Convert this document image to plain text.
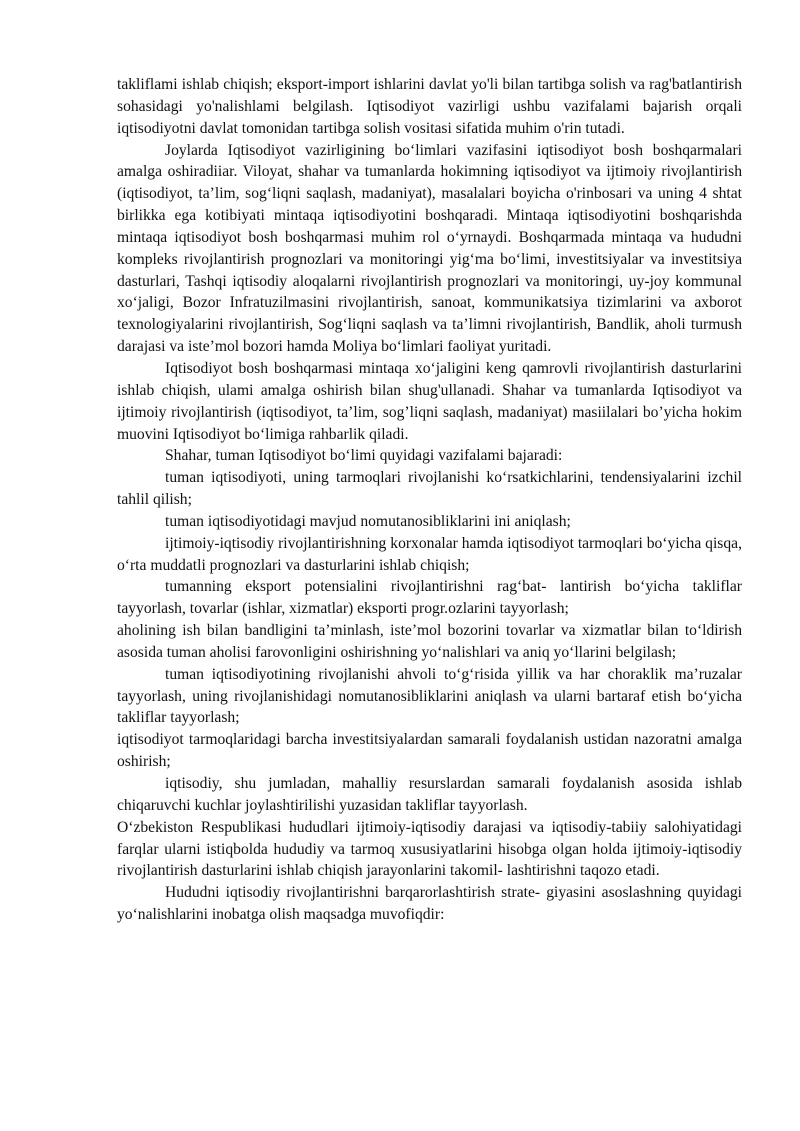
takliflami ishlab chiqish; eksport-import ishlarini davlat yo'li bilan tartibga solish va rag'batlantirish sohasidagi yo'nalishlami belgilash. Iqtisodiyot vazirligi ushbu vazifalami bajarish orqali iqtisodiyotni davlat tomonidan tartibga solish vositasi sifatida muhim o'rin tutadi.

Joylarda Iqtisodiyot vazirligining bo‘limlari vazifasini iqtisodiyot bosh boshqarmalari amalga oshiradiiar. Viloyat, shahar va tumanlarda hokimning iqtisodiyot va ijtimoiy rivojlantirish (iqtisodiyot, ta’lim, sog‘liqni saqlash, madaniyat), masalalari boyicha o'rinbosari va uning 4 shtat birlikka ega kotibiyati mintaqa iqtisodiyotini boshqaradi. Mintaqa iqtisodiyotini boshqarishda mintaqa iqtisodiyot bosh boshqarmasi muhim rol o‘yrnaydi. Boshqarmada mintaqa va hududni kompleks rivojlantirish prognozlari va monitoringi yig‘ma bo‘limi, investitsiyalar va investitsiya dasturlari, Tashqi iqtisodiy aloqalarni rivojlantirish prognozlari va monitoringi, uy-joy kommunal xo‘jaligi, Bozor Infratuzilmasini rivojlantirish, sanoat, kommunikatsiya tizimlarini va axborot texnologiyalarini rivojlantirish, Sog‘liqni saqlash va ta’limni rivojlantirish, Bandlik, aholi turmush darajasi va iste’mol bozori hamda Moliya bo‘limlari faoliyat yuritadi.

Iqtisodiyot bosh boshqarmasi mintaqa xo‘jaligini keng qamrovli rivojlantirish dasturlarini ishlab chiqish, ulami amalga oshirish bilan shug'ullanadi. Shahar va tumanlarda Iqtisodiyot va ijtimoiy rivojlantirish (iqtisodiyot, ta’lim, sog’liqni saqlash, madaniyat) masiilalari bo’yicha hokim muovini Iqtisodiyot bo‘limiga rahbarlik qiladi.

Shahar, tuman Iqtisodiyot bo‘limi quyidagi vazifalami bajaradi:

tuman iqtisodiyoti, uning tarmoqlari rivojlanishi ko‘rsatkichlarini, tendensiyalarini izchil tahlil qilish;

tuman iqtisodiyotidagi mavjud nomutanosibliklarini ini aniqlash;

ijtimoiy-iqtisodiy rivojlantirishning korxonalar hamda iqtisodiyot tarmoqlari bo‘yicha qisqa, o‘rta muddatli prognozlari va dasturlarini ishlab chiqish;

tumanning eksport potensialini rivojlantirishni rag‘bat- lantirish bo‘yicha takliflar tayyorlash, tovarlar (ishlar, xizmatlar) eksporti progr.ozlarini tayyorlash;

aholining ish bilan bandligini ta’minlash, iste’mol bozorini tovarlar va xizmatlar bilan to‘ldirish asosida tuman aholisi farovonligini oshirishning yo‘nalishlari va aniq yo‘llarini belgilash;

tuman iqtisodiyotining rivojlanishi ahvoli to‘g‘risida yillik va har choraklik ma’ruzalar tayyorlash, uning rivojlanishidagi nomutanosibliklarini aniqlash va ularni bartaraf etish bo‘yicha takliflar tayyorlash;

iqtisodiyot tarmoqlaridagi barcha investitsiyalardan samarali foydalanish ustidan nazoratni amalga oshirish;

iqtisodiy, shu jumladan, mahalliy resurslardan samarali foydalanish asosida ishlab chiqaruvchi kuchlar joylashtirilishi yuzasidan takliflar tayyorlash.

O‘zbekiston Respublikasi hududlari ijtimoiy-iqtisodiy darajasi va iqtisodiy-tabiiy salohiyatidagi farqlar ularni istiqbolda hududiy va tarmoq xususiyatlarini hisobga olgan holda ijtimoiy-iqtisodiy rivojlantirish dasturlarini ishlab chiqish jarayonlarini takomil- lashtirishni taqozo etadi.

Hududni iqtisodiy rivojlantirishni barqarorlashtirish strate- giyasini asoslashning quyidagi yo‘nalishlarini inobatga olish maqsadga muvofiqdir:
